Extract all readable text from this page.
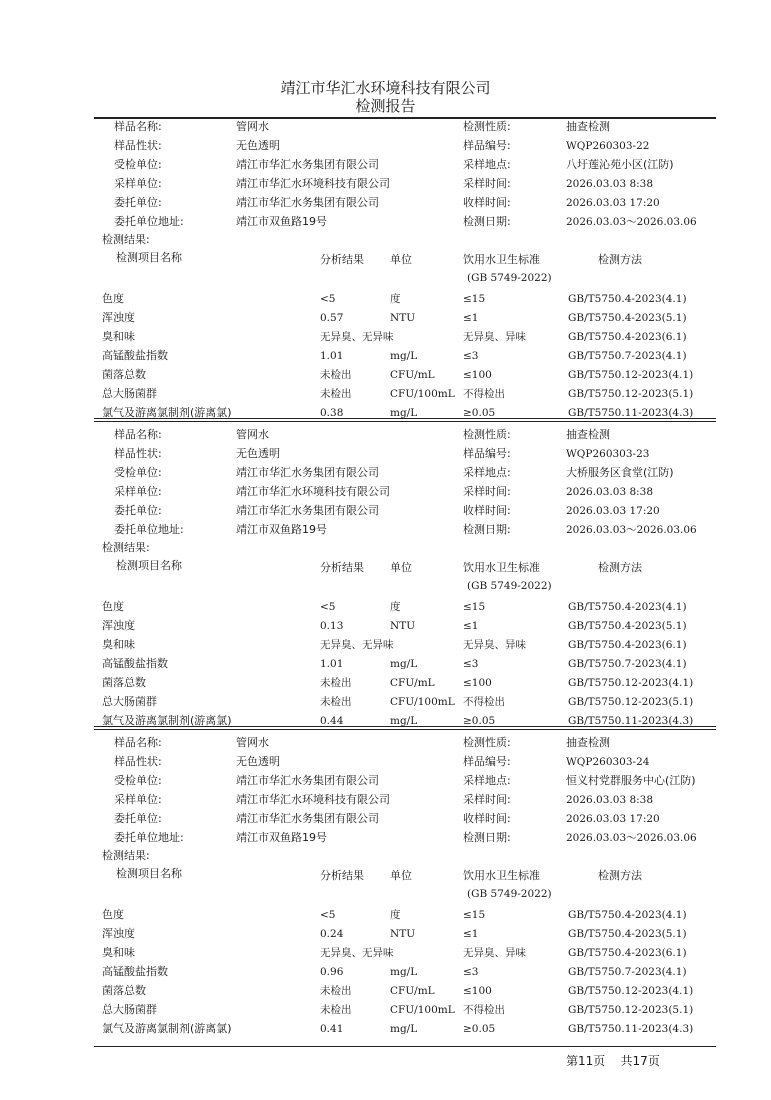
靖江市华汇水环境科技有限公司
检测报告
样品名称:	管网水	检测性质:	抽查检测
样品性状:	无色透明	样品编号:	WQP260303-22
受检单位:	靖江市华汇水务集团有限公司	采样地点:	八圩莲沁苑小区(江防)
采样单位:	靖江市华汇水环境科技有限公司	采样时间:	2026.03.03 8:38
委托单位:	靖江市华汇水务集团有限公司	收样时间:	2026.03.03 17:20
委托单位地址:	靖江市双鱼路19号	检测日期:	2026.03.03～2026.03.06
检测结果:
检测项目名称	分析结果 单位	饮用水卫生标准
(GB 5749-2022)
检测方法
色度	<5	度	≤15	GB/T5750.4-2023(4.1)
浑浊度	0.57	NTU	≤1	GB/T5750.4-2023(5.1)
臭和味	无异臭、无异味	无异臭、异味	GB/T5750.4-2023(6.1)
高锰酸盐指数	1.01	mg/L	≤3	GB/T5750.7-2023(4.1)
菌落总数	未检出	CFU/mL	≤100	GB/T5750.12-2023(4.1)
总大肠菌群	未检出	CFU/100mL 不得检出	GB/T5750.12-2023(5.1)
氯气及游离氯制剂(游离氯)	0.38	mg/L	≥0.05	GB/T5750.11-2023(4.3)
样品名称:	管网水	检测性质:	抽查检测
样品性状:	无色透明	样品编号:	WQP260303-23
受检单位:	靖江市华汇水务集团有限公司	采样地点:	大桥服务区食堂(江防)
采样单位:	靖江市华汇水环境科技有限公司	采样时间:	2026.03.03 8:38
委托单位:	靖江市华汇水务集团有限公司	收样时间:	2026.03.03 17:20
委托单位地址:	靖江市双鱼路19号	检测日期:	2026.03.03～2026.03.06
检测结果:
检测项目名称	分析结果 单位	饮用水卫生标准
(GB 5749-2022)
检测方法
色度	<5	度	≤15	GB/T5750.4-2023(4.1)
浑浊度	0.13	NTU	≤1	GB/T5750.4-2023(5.1)
臭和味	无异臭、无异味	无异臭、异味	GB/T5750.4-2023(6.1)
高锰酸盐指数	1.01	mg/L	≤3	GB/T5750.7-2023(4.1)
菌落总数	未检出	CFU/mL	≤100	GB/T5750.12-2023(4.1)
总大肠菌群	未检出	CFU/100mL 不得检出	GB/T5750.12-2023(5.1)
氯气及游离氯制剂(游离氯)	0.44	mg/L	≥0.05	GB/T5750.11-2023(4.3)
样品名称:	管网水	检测性质:	抽查检测
样品性状:	无色透明	样品编号:	WQP260303-24
受检单位:	靖江市华汇水务集团有限公司	采样地点:	恒义村党群服务中心(江防)
采样单位:	靖江市华汇水环境科技有限公司	采样时间:	2026.03.03 8:38
委托单位:	靖江市华汇水务集团有限公司	收样时间:	2026.03.03 17:20
委托单位地址:	靖江市双鱼路19号	检测日期:	2026.03.03～2026.03.06
检测结果:
检测项目名称	分析结果 单位	饮用水卫生标准
(GB 5749-2022)
检测方法
色度	<5	度	≤15	GB/T5750.4-2023(4.1)
浑浊度	0.24	NTU	≤1	GB/T5750.4-2023(5.1)
臭和味	无异臭、无异味	无异臭、异味	GB/T5750.4-2023(6.1)
高锰酸盐指数	0.96	mg/L	≤3	GB/T5750.7-2023(4.1)
菌落总数	未检出	CFU/mL	≤100	GB/T5750.12-2023(4.1)
总大肠菌群	未检出	CFU/100mL 不得检出	GB/T5750.12-2023(5.1)
氯气及游离氯制剂(游离氯)	0.41	mg/L	≥0.05	GB/T5750.11-2023(4.3)
第11页 共17页
